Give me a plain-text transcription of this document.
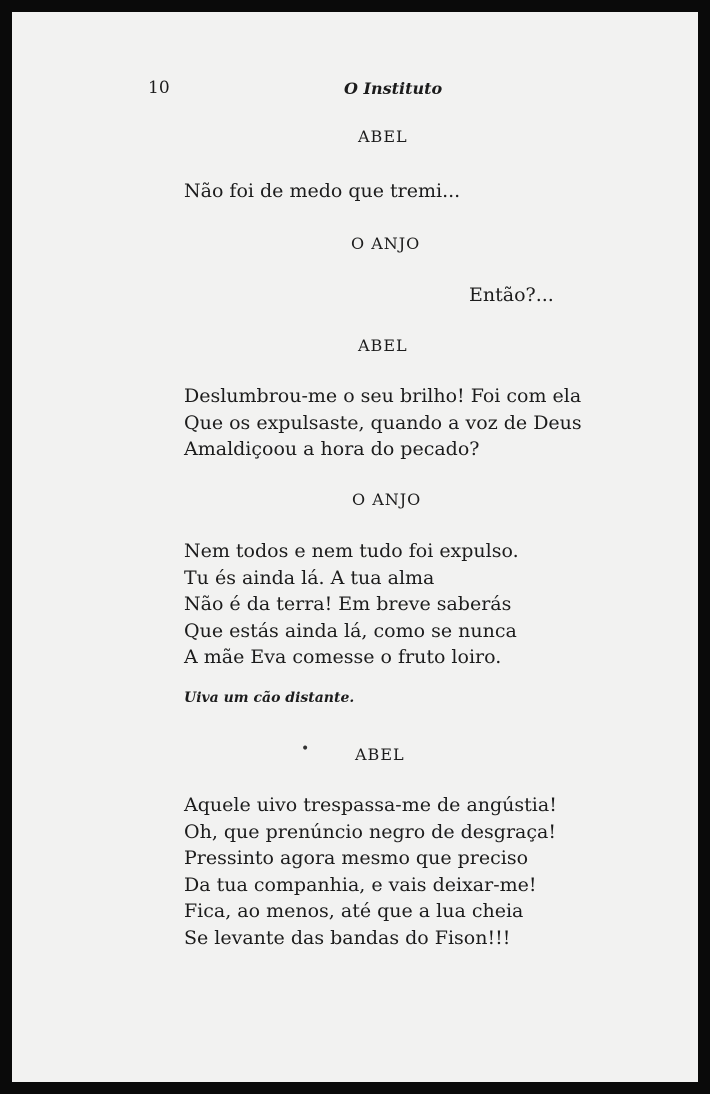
10	O Instituto
ABEL
Não foi de medo que tremi...
O ANJO
Então?...
ABEL
Deslumbrou-me o seu brilho! Foi com ela
Que os expulsaste, quando a voz de Deus
Amaldiçoou a hora do pecado?
O ANJO
Nem todos e nem tudo foi expulso.
Tu és ainda lá. A tua alma
Não é da terra! Em breve saberás
Que estás ainda lá, como se nunca
A mãe Eva comesse o fruto loiro.
Uiva um cão distante.
•	ABEL
Aquele uivo trespassa-me de angústia!
Oh, que prenúncio negro de desgraça!
Pressinto agora mesmo que preciso
Da tua companhia, e vais deixar-me!
Fica, ao menos, até que a lua cheia
Se levante das bandas do Fison!!!
